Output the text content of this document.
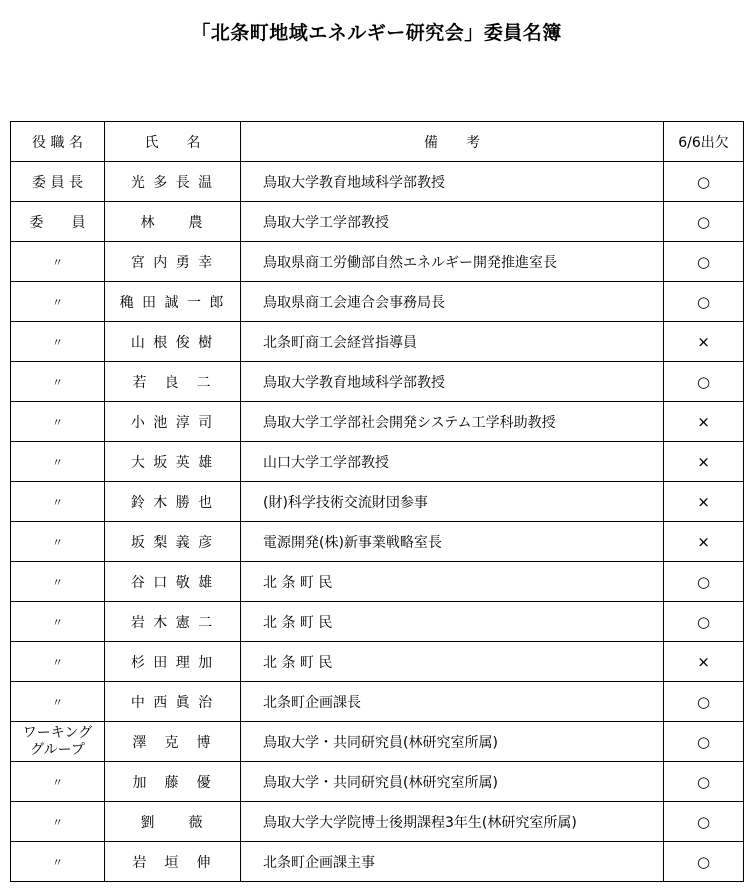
「北条町地域エネルギー研究会」委員名簿
役 職 名	氏　　名	備　　考	6/6出欠
委 員 長	光 多 長 温	鳥取大学教育地域科学部教授	○
委　　員	林　　農	鳥取大学工学部教授	○
〃	宮 内 勇 幸	鳥取県商工労働部自然エネルギー開発推進室長	○
〃	穐 田 誠 一 郎	鳥取県商工会連合会事務局長	○
〃	山 根 俊 樹	北条町商工会経営指導員	×
〃	若　良　二	鳥取大学教育地域科学部教授	○
〃	小 池 淳 司	鳥取大学工学部社会開発システム工学科助教授	×
〃	大 坂 英 雄	山口大学工学部教授	×
〃	鈴 木 勝 也	(財)科学技術交流財団参事	×
〃	坂 梨 義 彦	電源開発(株)新事業戦略室長	×
〃	谷 口 敬 雄	北 条 町 民	○
〃	岩 木 憲 二	北 条 町 民	○
〃	杉 田 理 加	北 条 町 民	×
〃	中 西 眞 治	北条町企画課長	○
ワーキング
グループ	澤　克　博	鳥取大学・共同研究員(林研究室所属)	○
〃	加　藤　優	鳥取大学・共同研究員(林研究室所属)	○
〃	劉　　薇	鳥取大学大学院博士後期課程3年生(林研究室所属)	○
〃	岩　垣　伸	北条町企画課主事	○
